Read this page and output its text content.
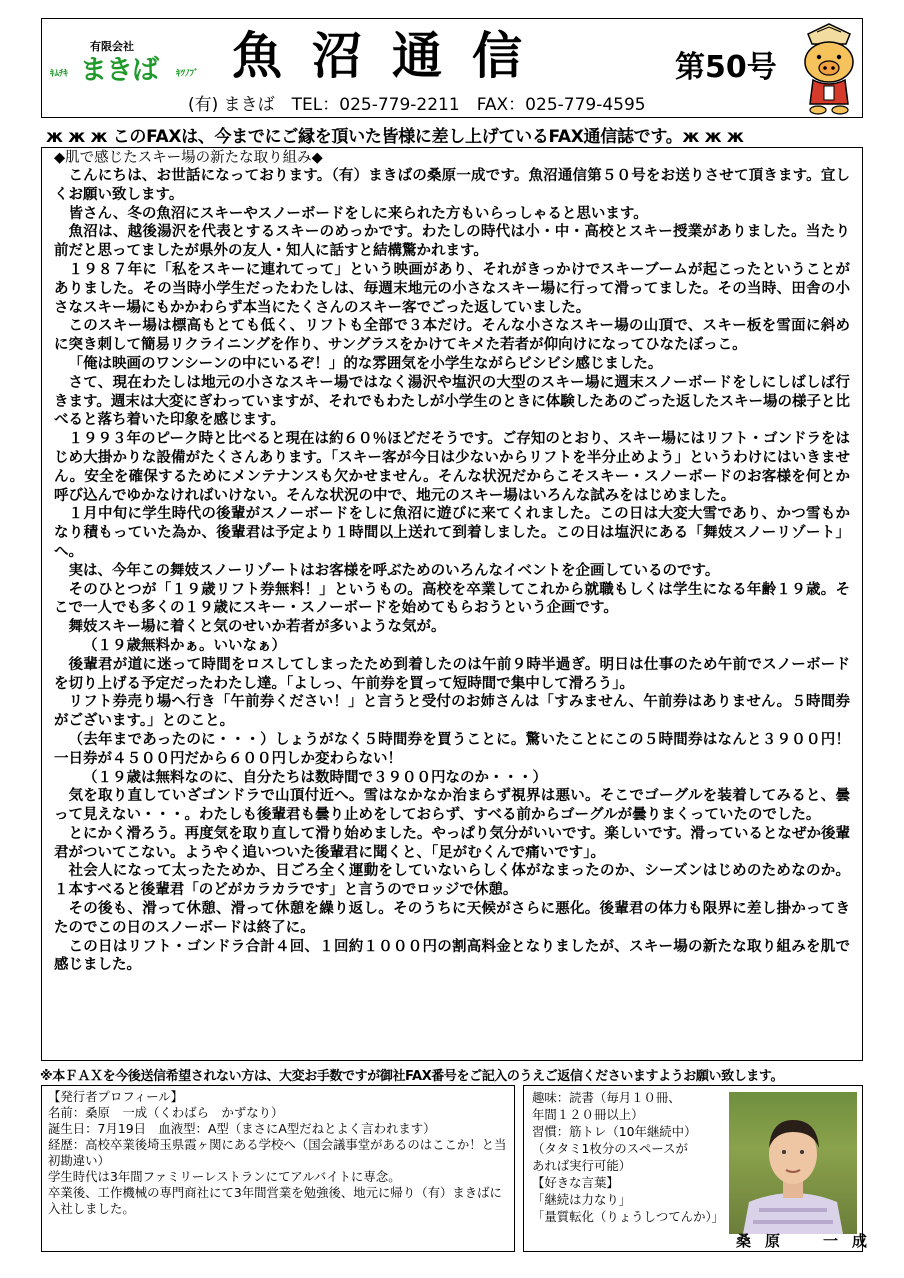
有限会社
ｷﾑﾁｷ まきば ｷﾂﾉﾌﾞ 魚沼通信	第50号
(有) まきば　TEL：025-779-2211　FAX：025-779-4595
ж ж ж このFAXは、今までにご縁を頂いた皆様に差し上げているFAX通信誌です。ж ж ж
◆肌で感じたスキー場の新たな取り組み◆

こんにちは、お世話になっております。（有）まきばの桑原一成です。魚沼通信第５０号をお送りさせて頂きます。宜しくお願い致します。

皆さん、冬の魚沼にスキーやスノーボードをしに来られた方もいらっしゃると思います。

魚沼は、越後湯沢を代表とするスキーのめっかです。わたしの時代は小・中・高校とスキー授業がありました。当たり前だと思ってましたが県外の友人・知人に話すと結構驚かれます。

１９８７年に「私をスキーに連れてって」という映画があり、それがきっかけでスキーブームが起こったということがありました。その当時小学生だったわたしは、毎週末地元の小さなスキー場に行って滑ってました。その当時、田舎の小さなスキー場にもかかわらず本当にたくさんのスキー客でごった返していました。

このスキー場は標高もとても低く、リフトも全部で３本だけ。そんな小さなスキー場の山頂で、スキー板を雪面に斜めに突き刺して簡易リクライニングを作り、サングラスをかけてキメた若者が仰向けになってひなたぼっこ。

「俺は映画のワンシーンの中にいるぞ！」的な雰囲気を小学生ながらビシビシ感じました。

さて、現在わたしは地元の小さなスキー場ではなく湯沢や塩沢の大型のスキー場に週末スノーボードをしにしばしば行きます。週末は大変にぎわっていますが、それでもわたしが小学生のときに体験したあのごった返したスキー場の様子と比べると落ち着いた印象を感じます。

１９９３年のピーク時と比べると現在は約６０％ほどだそうです。ご存知のとおり、スキー場にはリフト・ゴンドラをはじめ大掛かりな設備がたくさんあります。「スキー客が今日は少ないからリフトを半分止めよう」というわけにはいきません。安全を確保するためにメンテナンスも欠かせません。そんな状況だからこそスキー・スノーボードのお客様を何とか呼び込んでゆかなければいけない。そんな状況の中で、地元のスキー場はいろんな試みをはじめました。

１月中旬に学生時代の後輩がスノーボードをしに魚沼に遊びに来てくれました。この日は大変大雪であり、かつ雪もかなり積もっていた為か、後輩君は予定より１時間以上送れて到着しました。この日は塩沢にある「舞妓スノーリゾート」へ。

実は、今年この舞妓スノーリゾートはお客様を呼ぶためのいろんなイベントを企画しているのです。

そのひとつが「１９歳リフト券無料！」というもの。高校を卒業してこれから就職もしくは学生になる年齢１９歳。そこで一人でも多くの１９歳にスキー・スノーボードを始めてもらおうという企画です。

舞妓スキー場に着くと気のせいか若者が多いような気が。

（１９歳無料かぁ。いいなぁ）

後輩君が道に迷って時間をロスしてしまったため到着したのは午前９時半過ぎ。明日は仕事のため午前でスノーボードを切り上げる予定だったわたし達。「よしっ、午前券を買って短時間で集中して滑ろう」。

リフト券売り場へ行き「午前券ください！」と言うと受付のお姉さんは「すみません、午前券はありません。５時間券がございます。」とのこと。

（去年まであったのに・・・）しょうがなく５時間券を買うことに。驚いたことにこの５時間券はなんと３９００円！一日券が４５００円だから６００円しか変わらない！

（１９歳は無料なのに、自分たちは数時間で３９００円なのか・・・）

気を取り直していざゴンドラで山頂付近へ。雪はなかなか治まらず視界は悪い。そこでゴーグルを装着してみると、曇って見えない・・・。わたしも後輩君も曇り止めをしておらず、すべる前からゴーグルが曇りまくっていたのでした。

とにかく滑ろう。再度気を取り直して滑り始めました。やっぱり気分がいいです。楽しいです。滑っているとなぜか後輩君がついてこない。ようやく追いついた後輩君に聞くと、「足がむくんで痛いです」。

社会人になって太ったためか、日ごろ全く運動をしていないらしく体がなまったのか、シーズンはじめのためなのか。１本すべると後輩君「のどがカラカラです」と言うのでロッジで休憩。

その後も、滑って休憩、滑って休憩を繰り返し。そのうちに天候がさらに悪化。後輩君の体力も限界に差し掛かってきたのでこの日のスノーボードは終了に。

この日はリフト・ゴンドラ合計４回、１回約１０００円の割高料金となりましたが、スキー場の新たな取り組みを肌で感じました。

※本ＦＡＸを今後送信希望されない方は、大変お手数ですが御社FAX番号をご記入のうえご返信くださいますようお願い致します。
【発行者プロフィール】
名前：桑原　一成（くわばら　かずなり）
誕生日：7月19日　血液型：A型（まさにA型だねとよく言われます）
経歴：高校卒業後埼玉県霞ヶ関にある学校へ（国会議事堂があるのはここか！と当初勘違い）
学生時代は3年間ファミリーレストランにてアルバイトに専念。
卒業後、工作機械の専門商社にて3年間営業を勉強後、地元に帰り（有）まきばに入社しました。
趣味：読書（毎月１０冊、
年間１２０冊以上）
習慣：筋トレ（10年継続中）
（タタミ1枚分のスペースが
あれば実行可能）
【好きな言葉】
「継続は力なり」
「量質転化（りょうしつてんか）」
桑原　一成
